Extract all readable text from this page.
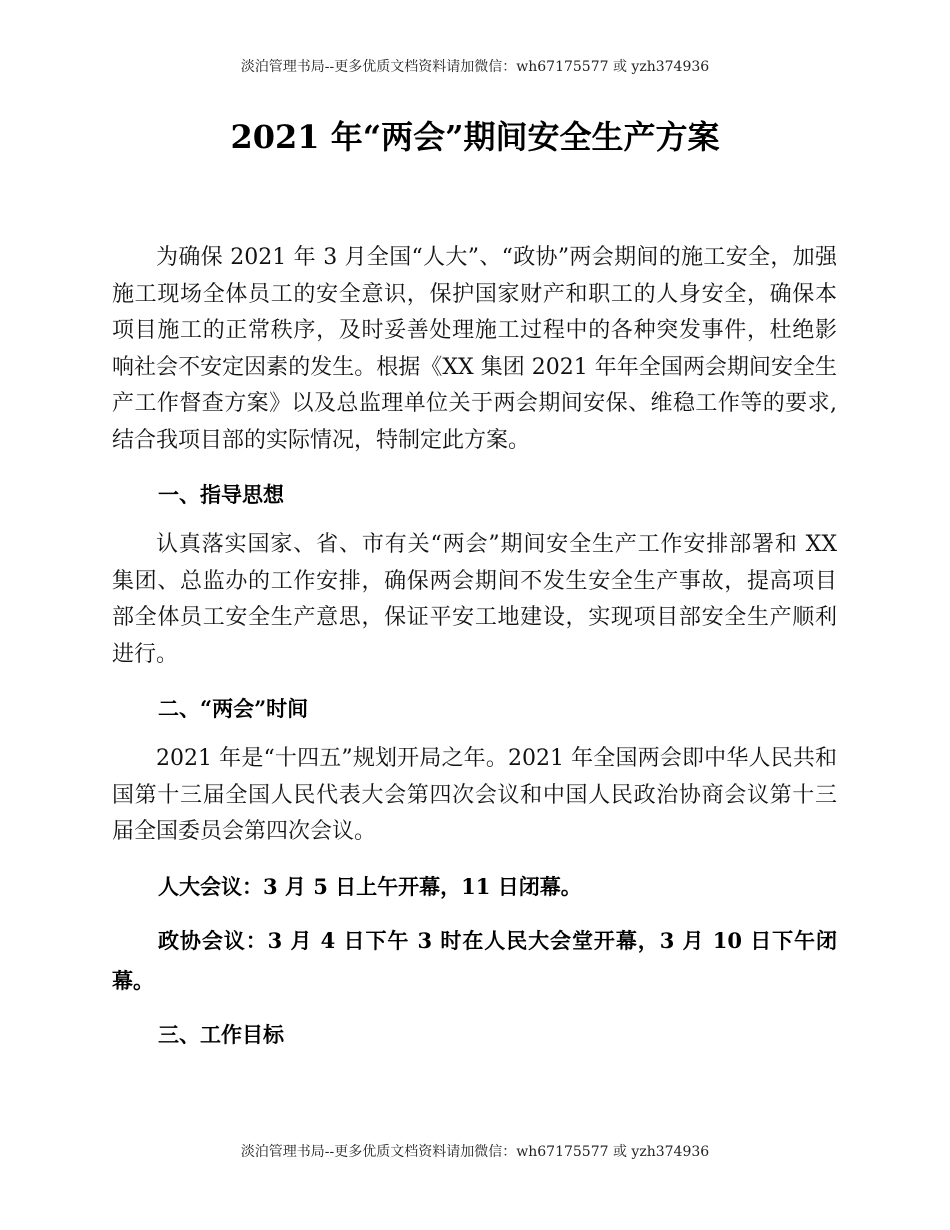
淡泊管理书局--更多优质文档资料请加微信：wh67175577 或 yzh374936
2021 年“两会”期间安全生产方案

为确保 2021 年 3 月全国“人大”、“政协”两会期间的施工安全，加强施工现场全体员工的安全意识，保护国家财产和职工的人身安全，确保本项目施工的正常秩序，及时妥善处理施工过程中的各种突发事件，杜绝影响社会不安定因素的发生。根据《XX 集团 2021 年年全国两会期间安全生产工作督查方案》以及总监理单位关于两会期间安保、维稳工作等的要求,结合我项目部的实际情况，特制定此方案。

一、指导思想

认真落实国家、省、市有关“两会”期间安全生产工作安排部署和 XX 集团、总监办的工作安排，确保两会期间不发生安全生产事故，提高项目部全体员工安全生产意思，保证平安工地建设，实现项目部安全生产顺利进行。

二、“两会”时间

2021 年是“十四五”规划开局之年。2021 年全国两会即中华人民共和国第十三届全国人民代表大会第四次会议和中国人民政治协商会议第十三届全国委员会第四次会议。

人大会议：3 月 5 日上午开幕，11 日闭幕。

政协会议：3 月 4 日下午 3 时在人民大会堂开幕，3 月 10 日下午闭幕。

三、工作目标

淡泊管理书局--更多优质文档资料请加微信：wh67175577 或 yzh374936
